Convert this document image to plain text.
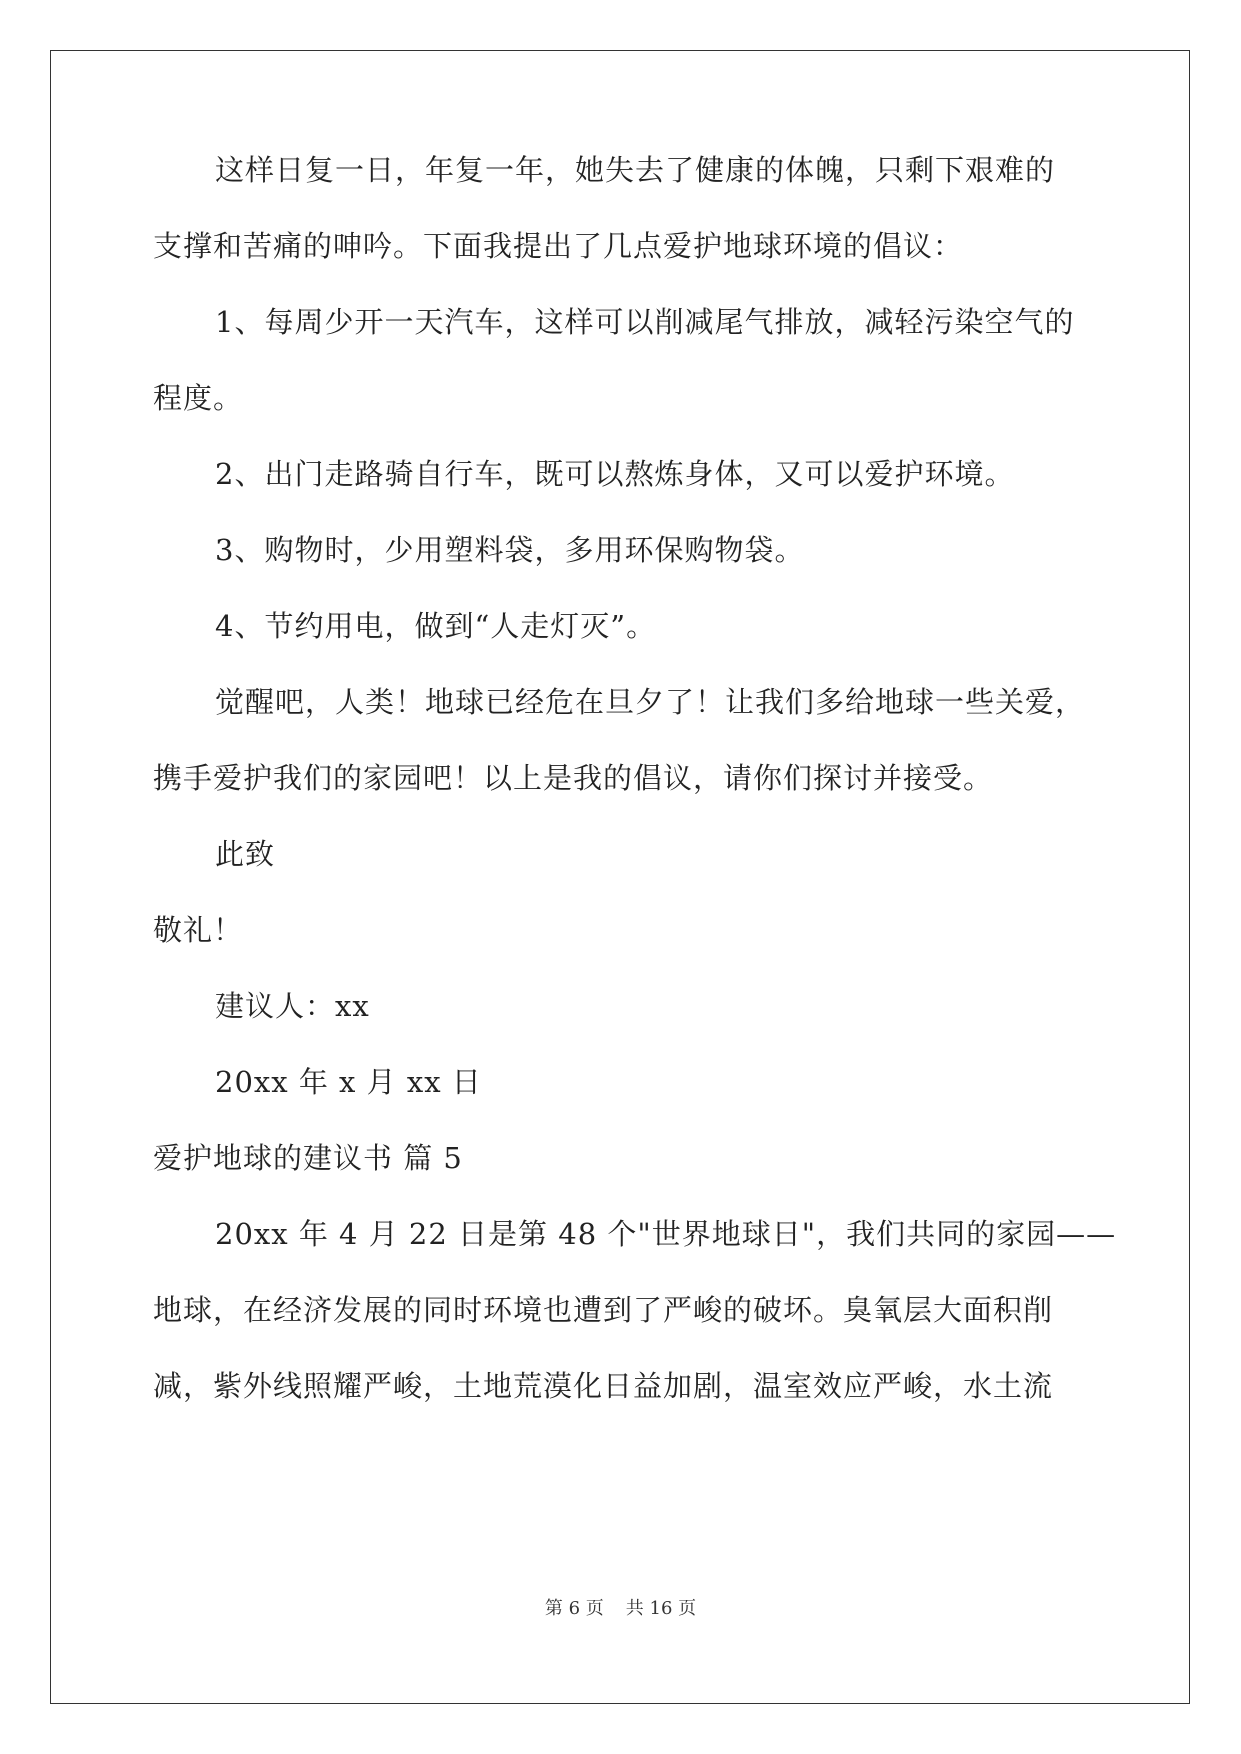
这样日复一日，年复一年，她失去了健康的体魄，只剩下艰难的
支撑和苦痛的呻吟。下面我提出了几点爱护地球环境的倡议：
1、每周少开一天汽车，这样可以削减尾气排放，减轻污染空气的
程度。
2、出门走路骑自行车，既可以熬炼身体，又可以爱护环境。
3、购物时，少用塑料袋，多用环保购物袋。
4、节约用电，做到“人走灯灭”。
觉醒吧，人类！地球已经危在旦夕了！让我们多给地球一些关爱，
携手爱护我们的家园吧！以上是我的倡议，请你们探讨并接受。
此致
敬礼！
建议人：xx
20xx 年 x 月 xx 日
爱护地球的建议书 篇 5
20xx 年 4 月 22 日是第 48 个"世界地球日"，我们共同的家园——
地球，在经济发展的同时环境也遭到了严峻的破坏。臭氧层大面积削
减，紫外线照耀严峻，土地荒漠化日益加剧，温室效应严峻，水土流
第 6 页 共 16 页
